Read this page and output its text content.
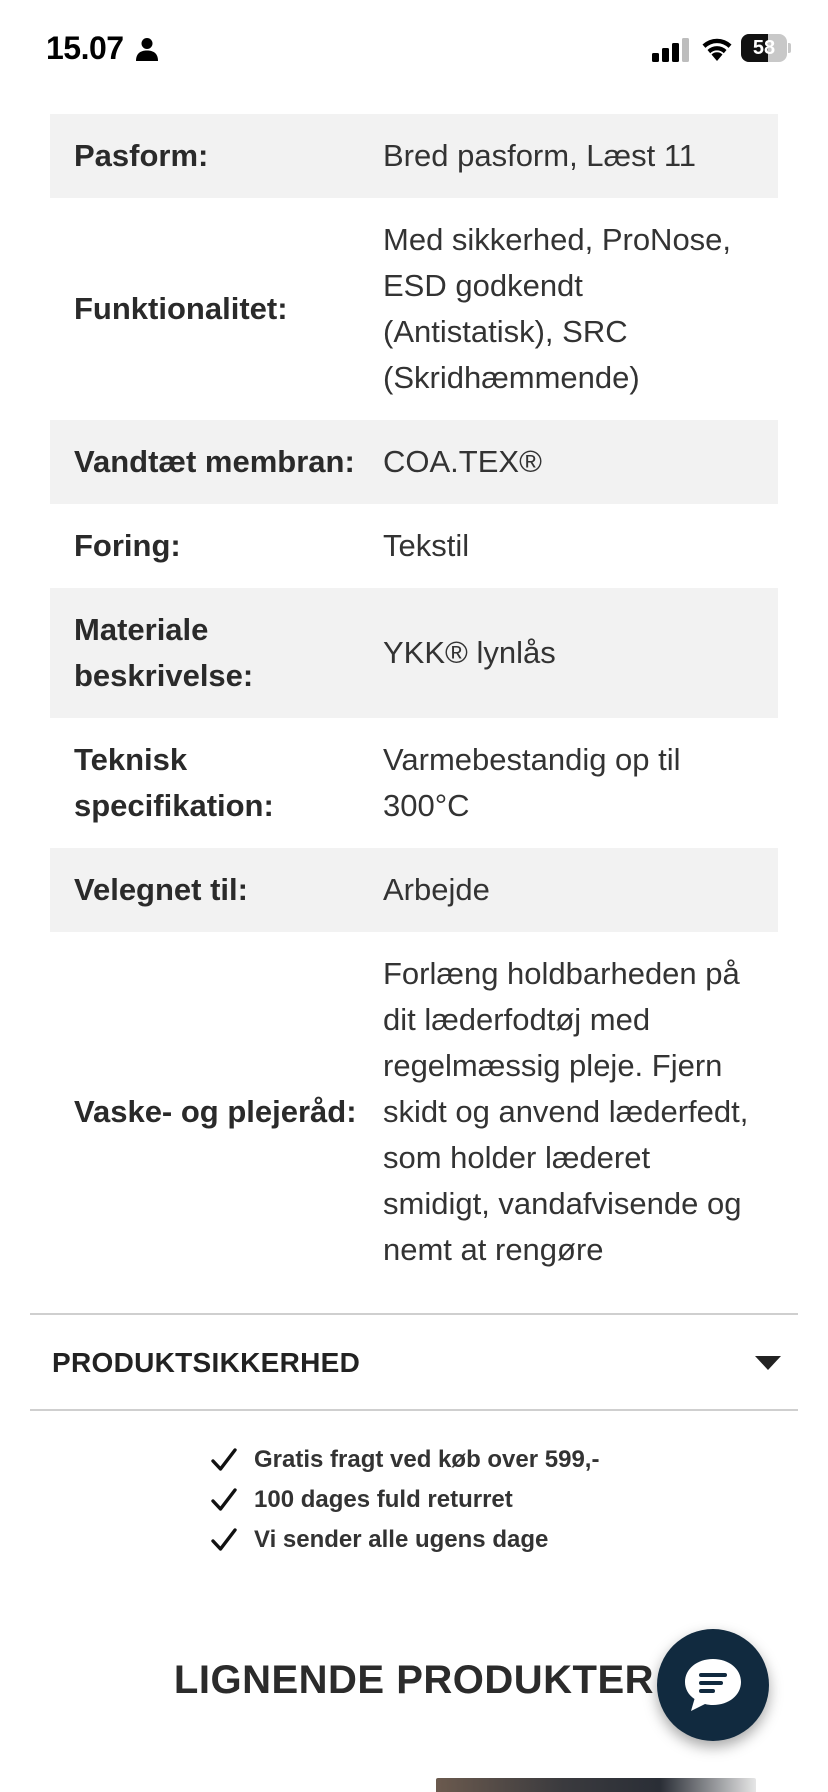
15.07	58
Pasform:	Bred pasform, Læst 11
Funktionalitet:
Med sikkerhed, ProNose, ESD godkendt (Antistatisk), SRC (Skridhæmmende)
Vandtæt membran: COA.TEX®
Foring:	Tekstil
Materiale beskrivelse:
YKK® lynlås
Teknisk specifikation:
Varmebestandig op til 300°C
Velegnet til:	Arbejde
Vaske- og plejeråd:
Forlæng holdbarheden på dit læderfodtøj med regelmæssig pleje. Fjern skidt og anvend læderfedt, som holder læderet smidigt, vandafvisende og nemt at rengøre
PRODUKTSIKKERHED
Gratis fragt ved køb over 599,-
100 dages fuld returret
Vi sender alle ugens dage
LIGNENDE PRODUKTER
